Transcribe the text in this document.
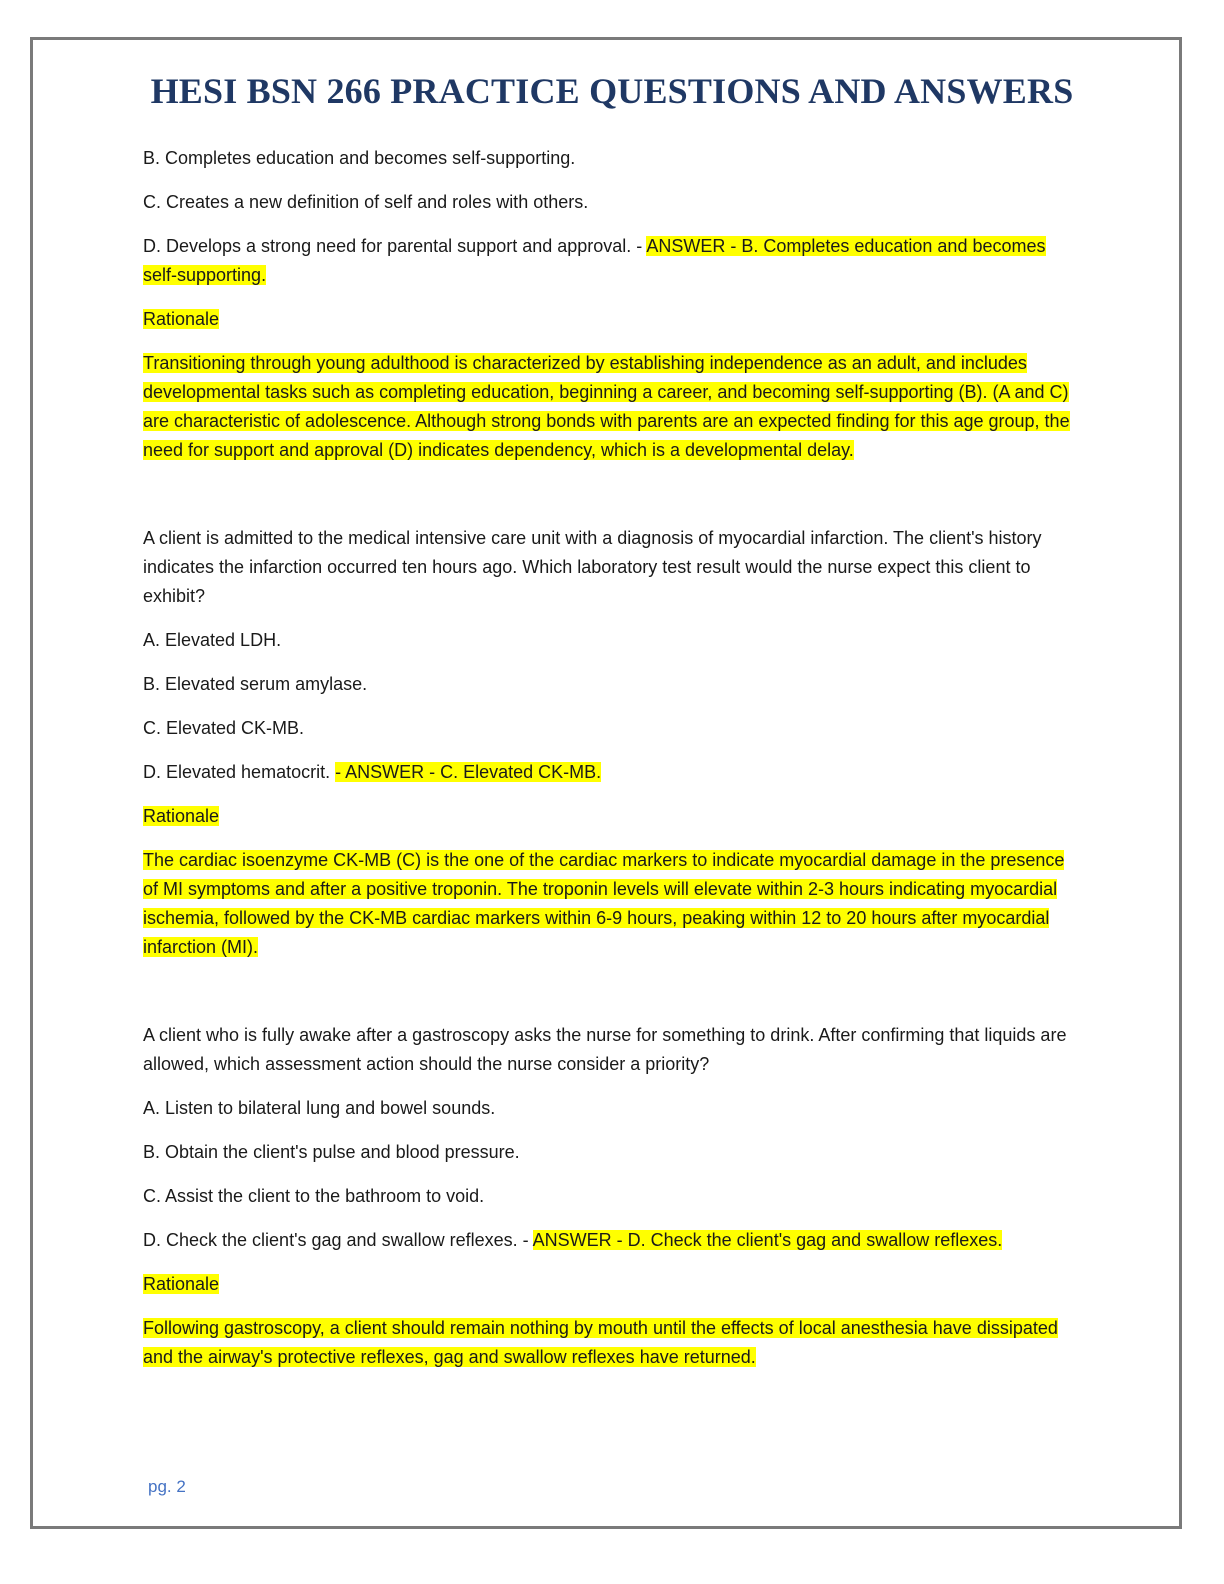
HESI BSN 266 PRACTICE QUESTIONS AND ANSWERS

B. Completes education and becomes self-supporting.

C. Creates a new definition of self and roles with others.

D. Develops a strong need for parental support and approval. - ANSWER - B. Completes education and becomes self-supporting.

Rationale

Transitioning through young adulthood is characterized by establishing independence as an adult, and includes developmental tasks such as completing education, beginning a career, and becoming self-supporting (B). (A and C) are characteristic of adolescence. Although strong bonds with parents are an expected finding for this age group, the need for support and approval (D) indicates dependency, which is a developmental delay.

A client is admitted to the medical intensive care unit with a diagnosis of myocardial infarction. The client's history indicates the infarction occurred ten hours ago. Which laboratory test result would the nurse expect this client to exhibit?

A. Elevated LDH.

B. Elevated serum amylase.

C. Elevated CK-MB.

D. Elevated hematocrit. - ANSWER - C. Elevated CK-MB.

Rationale

The cardiac isoenzyme CK-MB (C) is the one of the cardiac markers to indicate myocardial damage in the presence of MI symptoms and after a positive troponin. The troponin levels will elevate within 2-3 hours indicating myocardial ischemia, followed by the CK-MB cardiac markers within 6-9 hours, peaking within 12 to 20 hours after myocardial infarction (MI).

A client who is fully awake after a gastroscopy asks the nurse for something to drink. After confirming that liquids are allowed, which assessment action should the nurse consider a priority?

A. Listen to bilateral lung and bowel sounds.

B. Obtain the client's pulse and blood pressure.

C. Assist the client to the bathroom to void.

D. Check the client's gag and swallow reflexes. - ANSWER - D. Check the client's gag and swallow reflexes.

Rationale

Following gastroscopy, a client should remain nothing by mouth until the effects of local anesthesia have dissipated and the airway's protective reflexes, gag and swallow reflexes have returned.

pg. 2
